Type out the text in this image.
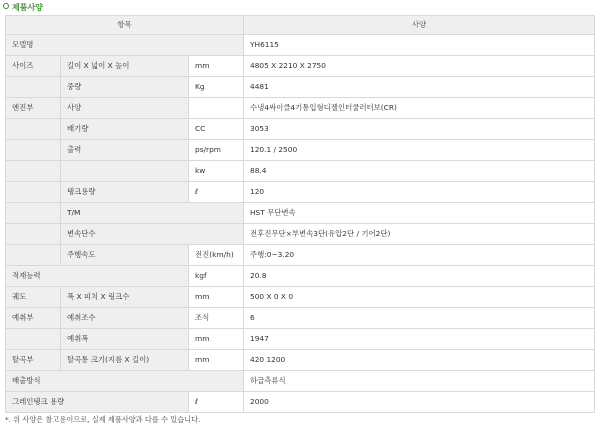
제품사양
항목			사양
모델명			YH6115
사이즈	길이 X 넓이 X 높이	mm	4805 X 2210 X 2750
	중량	Kg	4481
엔진부	사양		수냉4싸이클4기통입형디젤인터쿨러터보(CR)
	배기량	CC	3053
	출력	ps/rpm	120.1 / 2500
		kw	88.4
	탱크용량	ℓ	120
	T/M		HST 무단변속
	변속단수		전후진무단×부변속3단(유압2단 / 기어2단)
	주행속도	전진(km/h)	주행:0~3.20
적재능력		kgf	20.8
궤도	폭 X 피치 X 링크수	mm	500 X 0 X 0
예취부	예취조수	조식	6
	예취폭	mm	1947
탈곡부	탈곡통 크기(지름 X 길이)	mm	420 1200
배출방식			하급측류식
그레인탱크 용량		ℓ	2000
*. 위 사양은 참고용이므로, 실제 제품사양과 다를 수 있습니다.
